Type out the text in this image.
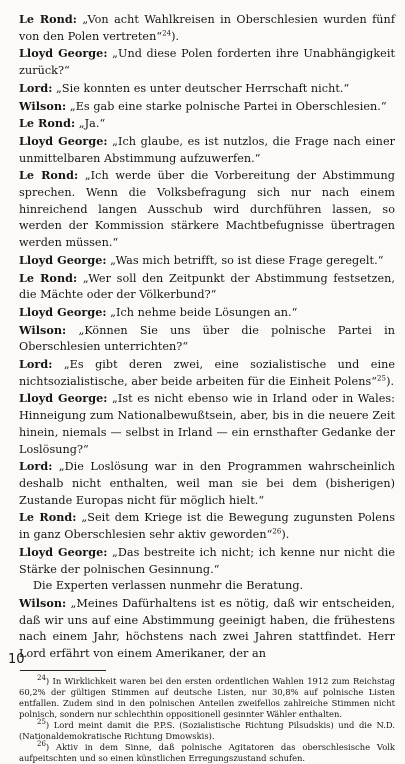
Le Rond: „Von acht Wahlkreisen in Oberschlesien wurden fünf von den Polen vertreten“$^{24}$).

Lloyd George: „Und diese Polen forderten ihre Unabhängigkeit zurück?“

Lord: „Sie konnten es unter deutscher Herrschaft nicht.“

Wilson: „Es gab eine starke polnische Partei in Oberschlesien.“

Le Rond: „Ja.“

Lloyd George: „Ich glaube, es ist nutzlos, die Frage nach einer unmittelbaren Abstimmung aufzuwerfen.“

Le Rond: „Ich werde über die Vorbereitung der Abstimmung sprechen. Wenn die Volksbefragung sich nur nach einem hinreichend langen Ausschub wird durchführen lassen, so werden der Kommission stärkere Machtbefugnisse übertragen werden müssen.“

Lloyd George: „Was mich betrifft, so ist diese Frage geregelt.“

Le Rond: „Wer soll den Zeitpunkt der Abstimmung festsetzen, die Mächte oder der Völkerbund?“

Lloyd George: „Ich nehme beide Lösungen an.“

Wilson: „Können Sie uns über die polnische Partei in Oberschlesien unterrichten?“

Lord: „Es gibt deren zwei, eine sozialistische und eine nichtsozialistische, aber beide arbeiten für die Einheit Polens“$^{25}$).

Lloyd George: „Ist es nicht ebenso wie in Irland oder in Wales: Hinneigung zum Nationalbewußtsein, aber, bis in die neuere Zeit hinein, niemals — selbst in Irland — ein ernsthafter Gedanke der Loslösung?“

Lord: „Die Loslösung war in den Programmen wahrscheinlich deshalb nicht enthalten, weil man sie bei dem (bisherigen) Zustande Europas nicht für möglich hielt.“

Le Rond: „Seit dem Kriege ist die Bewegung zugunsten Polens in ganz Oberschlesien sehr aktiv geworden“$^{26}$).

Lloyd George: „Das bestreite ich nicht; ich kenne nur nicht die Stärke der polnischen Gesinnung.“

Die Experten verlassen nunmehr die Beratung.

Wilson: „Meines Dafürhaltens ist es nötig, daß wir entscheiden, daß wir uns auf eine Abstimmung geeinigt haben, die frühestens nach einem Jahr, höchstens nach zwei Jahren stattfindet. Herr Lord erfährt von einem Amerikaner, der an

$^{24}$) In Wirklichkeit waren bei den ersten ordentlichen Wahlen 1912 zum Reichstag 60,2% der gültigen Stimmen auf deutsche Listen, nur 30,8% auf polnische Listen entfallen. Zudem sind in den polnischen Anteilen zweifellos zahlreiche Stimmen nicht polnisch, sondern nur schlechthin oppositionell gesinnter Wähler enthalten.

$^{25}$) Lord meint damit die P.P.S. (Sozialistische Richtung Pilsudskis) und die N.D. (Nationaldemokratische Richtung Dmowskis).

$^{26}$) Aktiv in dem Sinne, daß polnische Agitatoren das oberschlesische Volk aufpeitschten und so einen künstlichen Erregungszustand schufen.

10
